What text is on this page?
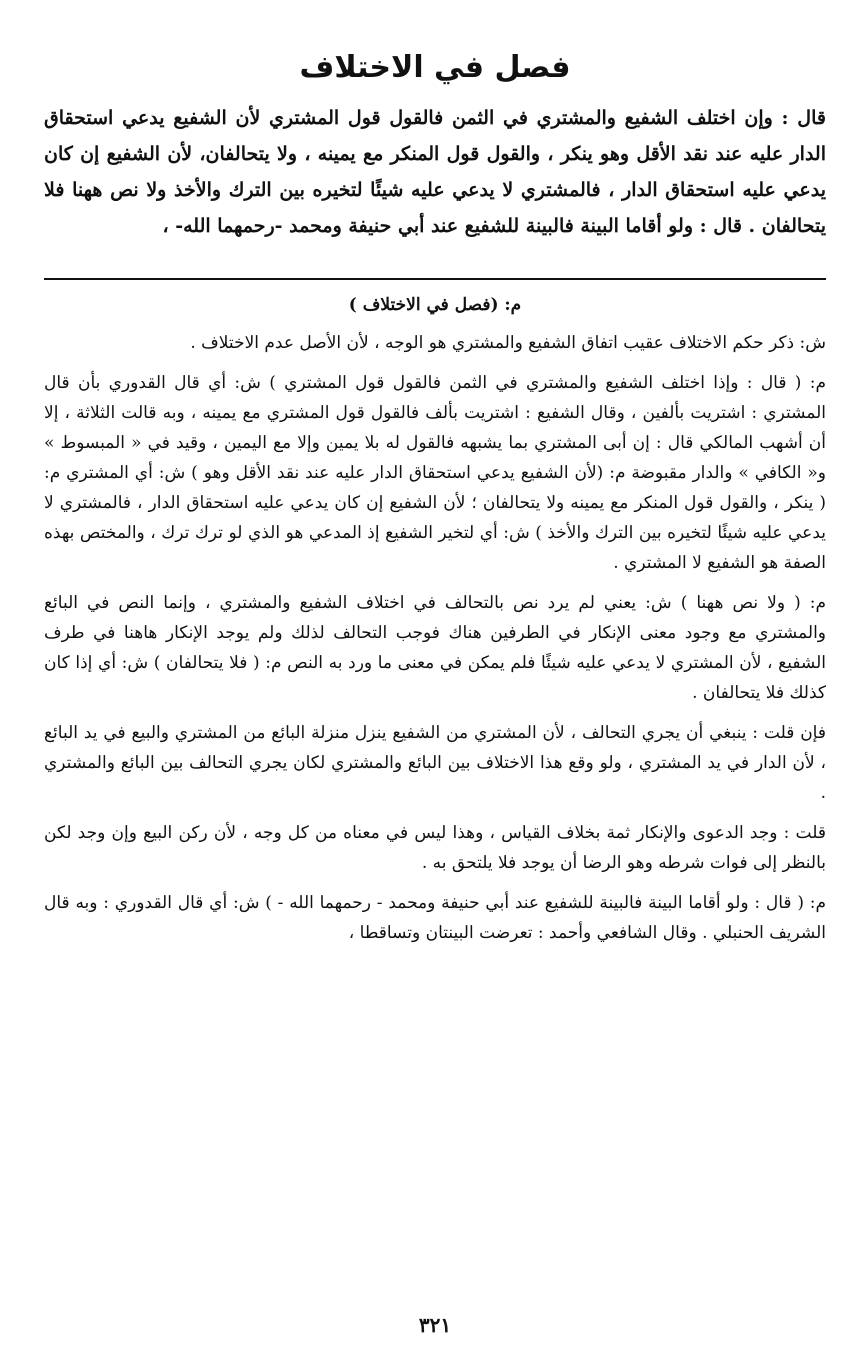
فصل في الاختلاف

قال : وإن اختلف الشفيع والمشتري في الثمن فالقول قول المشتري لأن الشفيع يدعي استحقاق الدار عليه عند نقد الأقل وهو ينكر ، والقول قول المنكر مع يمينه ، ولا يتحالفان، لأن الشفيع إن كان يدعي عليه استحقاق الدار ، فالمشتري لا يدعي عليه شيئًا لتخيره بين الترك والأخذ ولا نص ههنا فلا يتحالفان . قال : ولو أقاما البينة فالبينة للشفيع عند أبي حنيفة ومحمد -رحمهما الله- ،

م: (فصل في الاختلاف )

ش: ذكر حكم الاختلاف عقيب اتفاق الشفيع والمشتري هو الوجه ، لأن الأصل عدم الاختلاف .

م: ( قال : وإذا اختلف الشفيع والمشتري في الثمن فالقول قول المشتري ) ش: أي قال القدوري بأن قال المشتري : اشتريت بألفين ، وقال الشفيع : اشتريت بألف فالقول قول المشتري مع يمينه ، وبه قالت الثلاثة ، إلا أن أشهب المالكي قال : إن أبى المشتري بما يشبهه فالقول له بلا يمين وإلا مع اليمين ، وقيد في « المبسوط » و« الكافي » والدار مقبوضة م: (لأن الشفيع يدعي استحقاق الدار عليه عند نقد الأقل وهو ) ش: أي المشتري م: ( ينكر ، والقول قول المنكر مع يمينه ولا يتحالفان ؛ لأن الشفيع إن كان يدعي عليه استحقاق الدار ، فالمشتري لا يدعي عليه شيئًا لتخيره بين الترك والأخذ ) ش: أي لتخير الشفيع إذ المدعي هو الذي لو ترك ترك ، والمختص بهذه الصفة هو الشفيع لا المشتري .

م: ( ولا نص ههنا ) ش: يعني لم يرد نص بالتحالف في اختلاف الشفيع والمشتري ، وإنما النص في البائع والمشتري مع وجود معنى الإنكار في الطرفين هناك فوجب التحالف لذلك ولم يوجد الإنكار هاهنا في طرف الشفيع ، لأن المشتري لا يدعي عليه شيئًا فلم يمكن في معنى ما ورد به النص م: ( فلا يتحالفان ) ش: أي إذا كان كذلك فلا يتحالفان .

فإن قلت : ينبغي أن يجري التحالف ، لأن المشتري من الشفيع ينزل منزلة البائع من المشتري والبيع في يد البائع ، لأن الدار في يد المشتري ، ولو وقع هذا الاختلاف بين البائع والمشتري لكان يجري التحالف بين البائع والمشتري .

قلت : وجد الدعوى والإنكار ثمة بخلاف القياس ، وهذا ليس في معناه من كل وجه ، لأن ركن البيع وإن وجد لكن بالنظر إلى فوات شرطه وهو الرضا أن يوجد فلا يلتحق به .

م: ( قال : ولو أقاما البينة فالبينة للشفيع عند أبي حنيفة ومحمد - رحمهما الله - ) ش: أي قال القدوري : وبه قال الشريف الحنبلي . وقال الشافعي وأحمد : تعرضت البينتان وتساقطا ،

٣٢١
